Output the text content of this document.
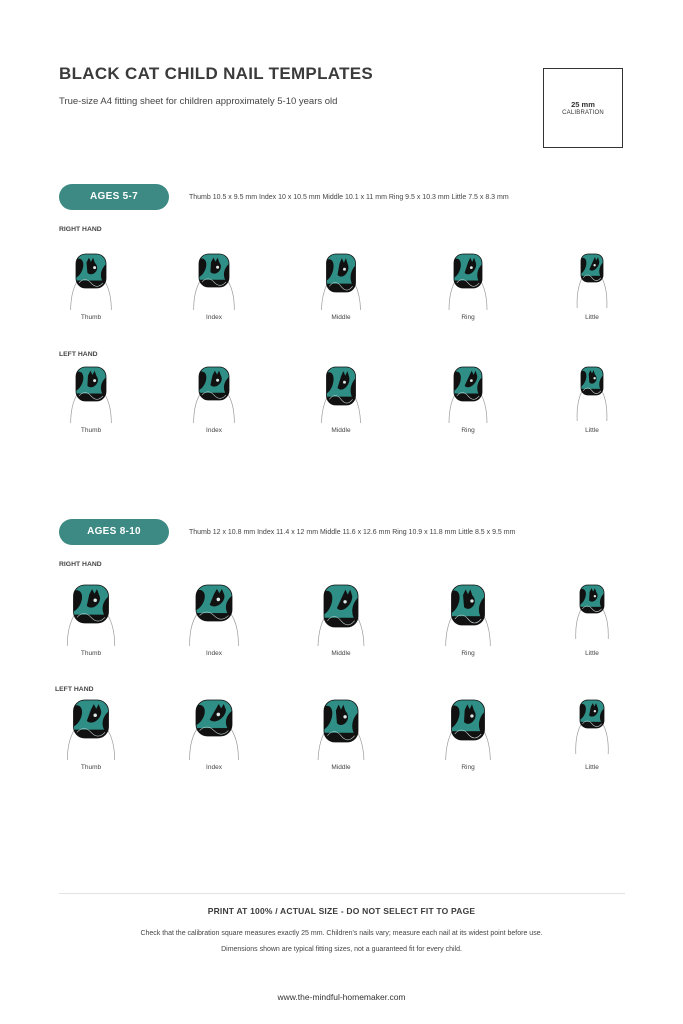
BLACK CAT CHILD NAIL TEMPLATES
True-size A4 fitting sheet for children approximately 5-10 years old	25 mm
CALIBRATION
AGES 5-7	Thumb 10.5 x 9.5 mm Index 10 x 10.5 mm Middle 10.1 x 11 mm Ring 9.5 x 10.3 mm Little 7.5 x 8.3 mm
RIGHT HAND
Thumb	Index	Middle	Ring	Little
LEFT HAND
Thumb	Index	Middle	Ring	Little
AGES 8-10	Thumb 12 x 10.8 mm Index 11.4 x 12 mm Middle 11.6 x 12.6 mm Ring 10.9 x 11.8 mm Little 8.5 x 9.5 mm
RIGHT HAND
Thumb	Index	Middle	Ring	Little
LEFT HAND
Thumb	Index	Middle	Ring	Little
PRINT AT 100% / ACTUAL SIZE - DO NOT SELECT FIT TO PAGE
Check that the calibration square measures exactly 25 mm. Children's nails vary; measure each nail at its widest point before use.
Dimensions shown are typical fitting sizes, not a guaranteed fit for every child.
www.the-mindful-homemaker.com
